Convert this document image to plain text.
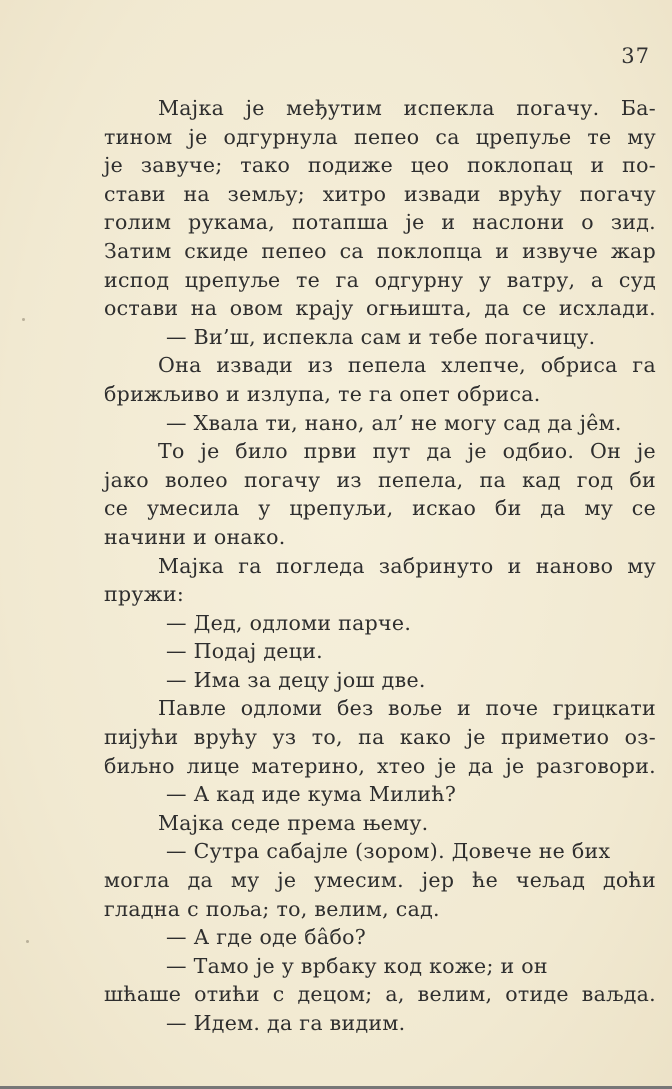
37
Мајка је међутим испекла погачу. Ба-
тином је одгурнула пепео са црепуље те му
је завуче; тако подиже цео поклопац и по-
стави на земљу; хитро извади врућу погачу
голим рукама, потапша је и наслони о зид.
Затим скиде пепео са поклопца и извуче жар
испод црепуље те га одгурну у ватру, а суд
остави на овом крају огњишта, да се исхлади.
— Ви’ш, испекла сам и тебе погачицу.
Она извади из пепела хлепче, обриса га
брижљиво и излупа, те га опет обриса.
— Хвала ти, нано, ал’ не могу сад да јêм.
То је било први пут да је одбио. Он је
јако волео погачу из пепела, па кад год би
се умесила у црепуљи, искао би да му се
начини и онако.
Мајка га погледа забринуто и наново му
пружи:
— Дед, одломи парче.
— Подај деци.
— Има за децу још две.
Павле одломи без воље и поче грицкати
пијући врућу уз то, па како је приметио оз-
биљно лице материно, хтео је да је разговори.
— А кад иде кума Милић?
Мајка седе према њему.
— Сутра сабајле (зором). Довече не бих
могла да му је умесим. јер ће чељад доћи
гладна с поља; то, велим, сад.
— А где оде бâбо?
— Тамо је у врбаку код коже; и он
шћаше отићи с децом; а, велим, отиде ваљда.
— Идем. да га видим.
